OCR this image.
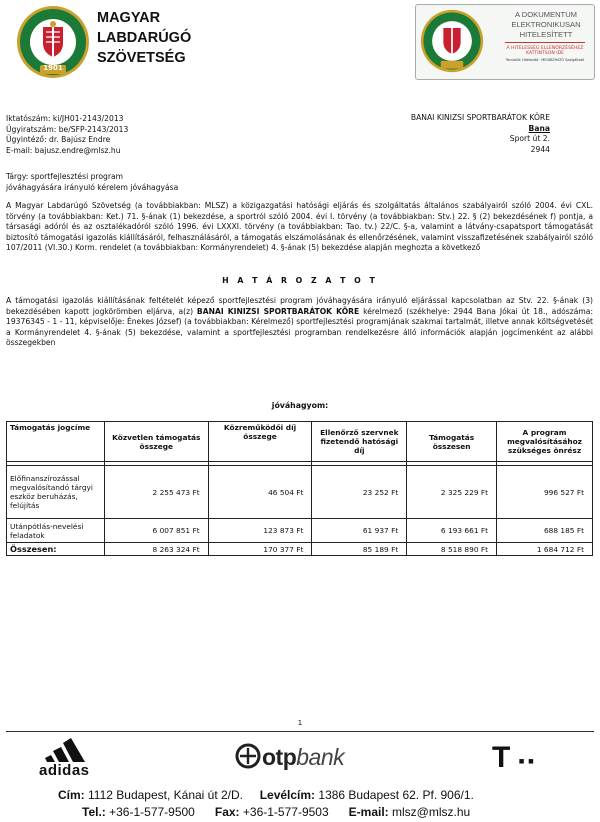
1901
MAGYAR
LABDARÚGÓ
SZÖVETSÉG
A DOKUMENTUM
ELEKTRONIKUSAN
HITELESÍTETT
A HITELESSÉG ELLENŐRZÉSÉHEZ KATTINTSON IDE
Tanúsító: Hitelesítő · MEGBÍZHATÓ Szolgáltató
Iktatószám: ki/JH01-2143/2013
Ügyiratszám: be/SFP-2143/2013
Ügyintéző: dr. Bajúsz Endre
E-mail: bajusz.endre@mlsz.hu
BANAI KINIZSI SPORTBARÁTOK KÖRE
Bana
Sport út 2.
2944
Tárgy: sportfejlesztési program
jóváhagyására irányuló kérelem jóváhagyása

A Magyar Labdarúgó Szövetség (a továbbiakban: MLSZ) a közigazgatási hatósági eljárás és szolgáltatás általános szabályairól szóló 2004. évi CXL. törvény (a továbbiakban: Ket.) 71. §-ának (1) bekezdése, a sportról szóló 2004. évi I. törvény (a továbbiakban: Stv.) 22. § (2) bekezdésének f) pontja, a társasági adóról és az osztalékadóról szóló 1996. évi LXXXI. törvény (a továbbiakban: Tao. tv.) 22/C. §-a, valamint a látvány-csapatsport támogatását biztosító támogatási igazolás kiállításáról, felhasználásáról, a támogatás elszámolásának és ellenőrzésének, valamint visszafizetésének szabályairól szóló 107/2011 (VI.30.) Korm. rendelet (a továbbiakban: Kormányrendelet) 4. §-ának (5) bekezdése alapján meghozta a következő

H A T Á R O Z A T O T

A támogatási igazolás kiállításának feltételét képező sportfejlesztési program jóváhagyására irányuló eljárással kapcsolatban az Stv. 22. §-ának (3) bekezdésében kapott jogkörömben eljárva, a(z) BANAI KINIZSI SPORTBARÁTOK KÖRE kérelmező (székhelye: 2944 Bana Jókai út 18., adószáma: 19376345 - 1 - 11, képviselője: Énekes József) (a továbbiakban: Kérelmező) sportfejlesztési programjának szakmai tartalmát, illetve annak költségvetését a Kormányrendelet 4. §-ának (5) bekezdése, valamint a sportfejlesztési programban rendelkezésre álló információk alapján jogcímenként az alábbi összegekben

jóváhagyom:
Támogatás jogcíme	Közvetlen támogatás összege	Közreműködői díj összege	Ellenőrző szervnek fizetendő hatósági díj	Támogatás összesen	A program megvalósításához szükséges önrész

Előfinanszírozással megvalósítandó tárgyi eszköz beruházás, felújítás	2 255 473 Ft	46 504 Ft	23 252 Ft	2 325 229 Ft	996 527 Ft
Utánpótlás-nevelési feladatok	6 007 851 Ft	123 873 Ft	61 937 Ft	6 193 661 Ft	688 185 Ft
Összesen:	8 263 324 Ft	170 377 Ft	85 189 Ft	8 518 890 Ft	1 684 712 Ft
1
adidas
otpbank	T ▪▪
Cím: 1112 Budapest, Kánai út 2/D. Levélcím: 1386 Budapest 62. Pf. 906/1.
Tel.: +36-1-577-9500 Fax: +36-1-577-9503 E-mail: mlsz@mlsz.hu
